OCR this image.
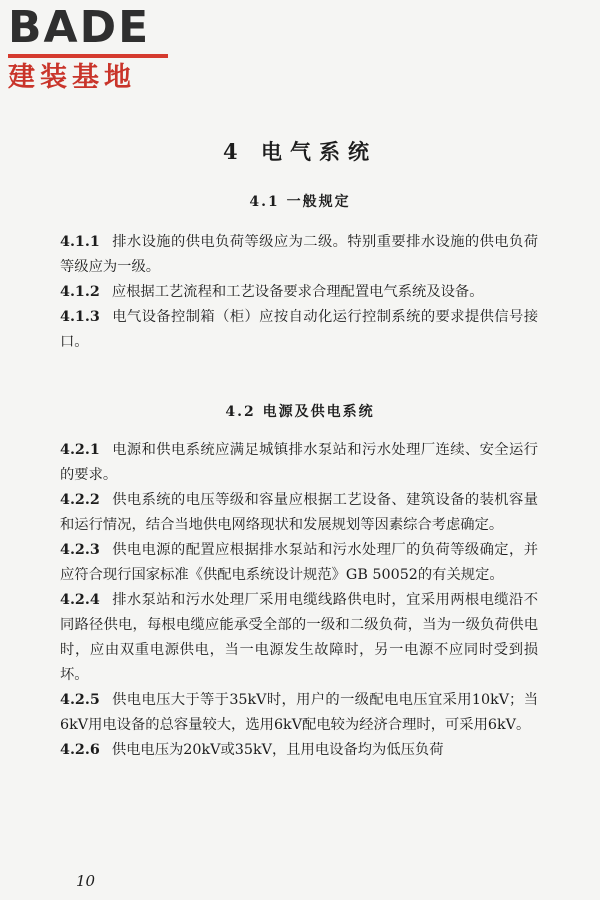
BADE
建装基地
4 电气系统
4.1 一般规定

4.1.1 排水设施的供电负荷等级应为二级。特别重要排水设施的供电负荷等级应为一级。

4.1.2 应根据工艺流程和工艺设备要求合理配置电气系统及设备。

4.1.3 电气设备控制箱（柜）应按自动化运行控制系统的要求提供信号接口。

4.2 电源及供电系统

4.2.1 电源和供电系统应满足城镇排水泵站和污水处理厂连续、安全运行的要求。

4.2.2 供电系统的电压等级和容量应根据工艺设备、建筑设备的装机容量和运行情况，结合当地供电网络现状和发展规划等因素综合考虑确定。

4.2.3 供电电源的配置应根据排水泵站和污水处理厂的负荷等级确定，并应符合现行国家标准《供配电系统设计规范》GB 50052的有关规定。

4.2.4 排水泵站和污水处理厂采用电缆线路供电时，宜采用两根电缆沿不同路径供电，每根电缆应能承受全部的一级和二级负荷，当为一级负荷供电时，应由双重电源供电，当一电源发生故障时，另一电源不应同时受到损坏。

4.2.5 供电电压大于等于35kV时，用户的一级配电电压宜采用10kV；当6kV用电设备的总容量较大，选用6kV配电较为经济合理时，可采用6kV。

4.2.6 供电电压为20kV或35kV，且用电设备均为低压负荷

10
